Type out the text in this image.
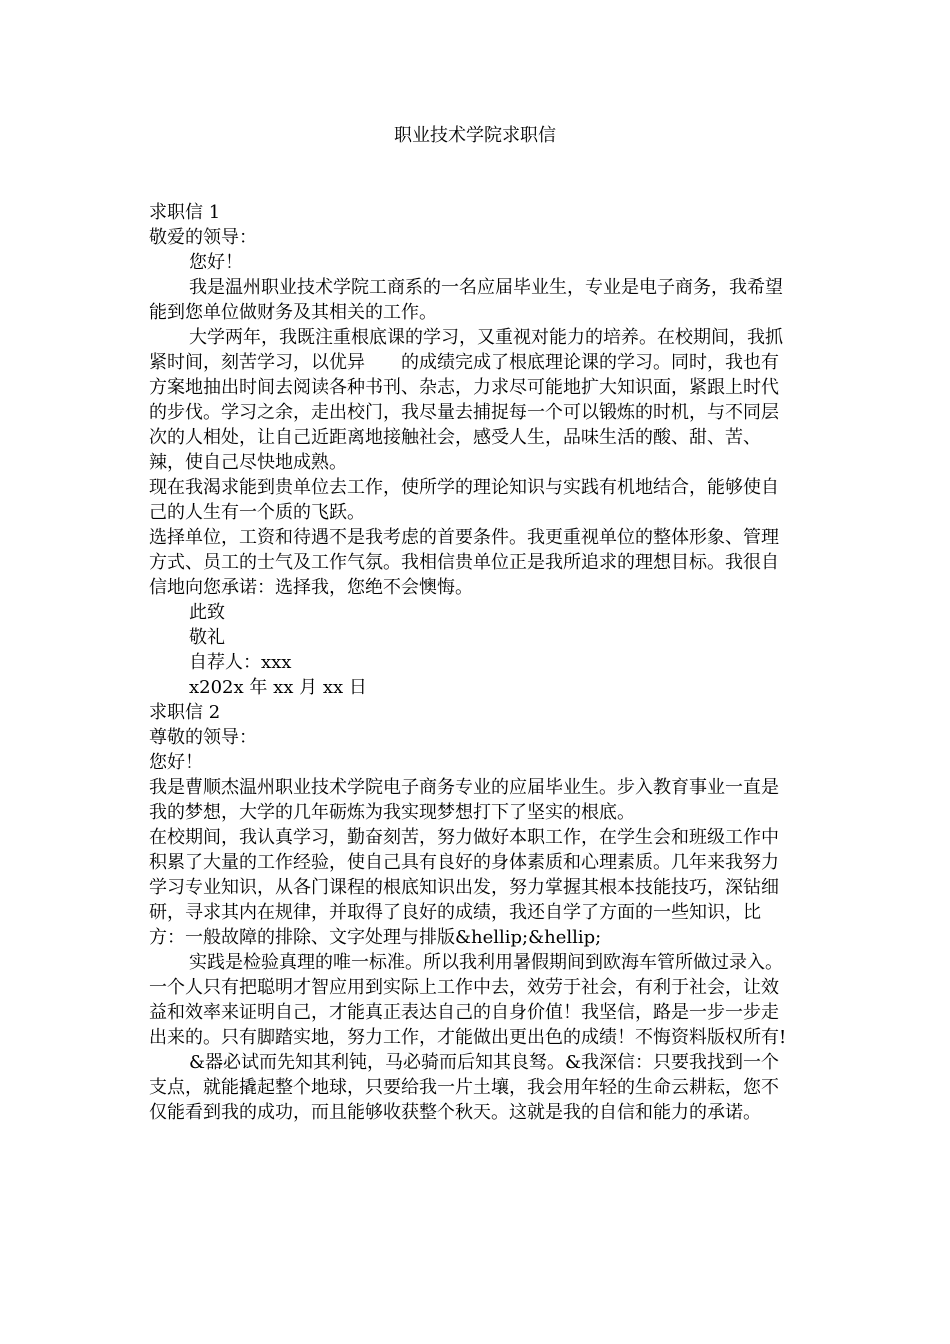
职业技术学院求职信

求职信 1

敬爱的领导：

您好！

我是温州职业技术学院工商系的一名应届毕业生，专业是电子商务，我希望能到您单位做财务及其相关的工作。

大学两年，我既注重根底课的学习，又重视对能力的培养。在校期间，我抓紧时间，刻苦学习，以优异　　的成绩完成了根底理论课的学习。同时，我也有方案地抽出时间去阅读各种书刊、杂志，力求尽可能地扩大知识面，紧跟上时代的步伐。学习之余，走出校门，我尽量去捕捉每一个可以锻炼的时机，与不同层次的人相处，让自己近距离地接触社会，感受人生，品味生活的酸、甜、苦、辣，使自己尽快地成熟。

现在我渴求能到贵单位去工作，使所学的理论知识与实践有机地结合，能够使自己的人生有一个质的飞跃。

选择单位，工资和待遇不是我考虑的首要条件。我更重视单位的整体形象、管理方式、员工的士气及工作气氛。我相信贵单位正是我所追求的理想目标。我很自信地向您承诺：选择我，您绝不会懊悔。

此致

敬礼

自荐人：xxx

x202x 年 xx 月 xx 日

求职信 2

尊敬的领导：

您好！

我是曹顺杰温州职业技术学院电子商务专业的应届毕业生。步入教育事业一直是我的梦想，大学的几年砺炼为我实现梦想打下了坚实的根底。

在校期间，我认真学习，勤奋刻苦，努力做好本职工作，在学生会和班级工作中积累了大量的工作经验，使自己具有良好的身体素质和心理素质。几年来我努力学习专业知识，从各门课程的根底知识出发，努力掌握其根本技能技巧，深钻细研，寻求其内在规律，并取得了良好的成绩，我还自学了方面的一些知识，比方：一般故障的排除、文字处理与排版&hellip;&hellip;

实践是检验真理的唯一标准。所以我利用暑假期间到欧海车管所做过录入。一个人只有把聪明才智应用到实际上工作中去，效劳于社会，有利于社会，让效益和效率来证明自己，才能真正表达自己的自身价值！我坚信，路是一步一步走出来的。只有脚踏实地，努力工作，才能做出更出色的成绩！不悔资料版权所有!

&器必试而先知其利钝，马必骑而后知其良驽。&我深信：只要我找到一个支点，就能撬起整个地球，只要给我一片土壤，我会用年轻的生命云耕耘，您不仅能看到我的成功，而且能够收获整个秋天。这就是我的自信和能力的承诺。
